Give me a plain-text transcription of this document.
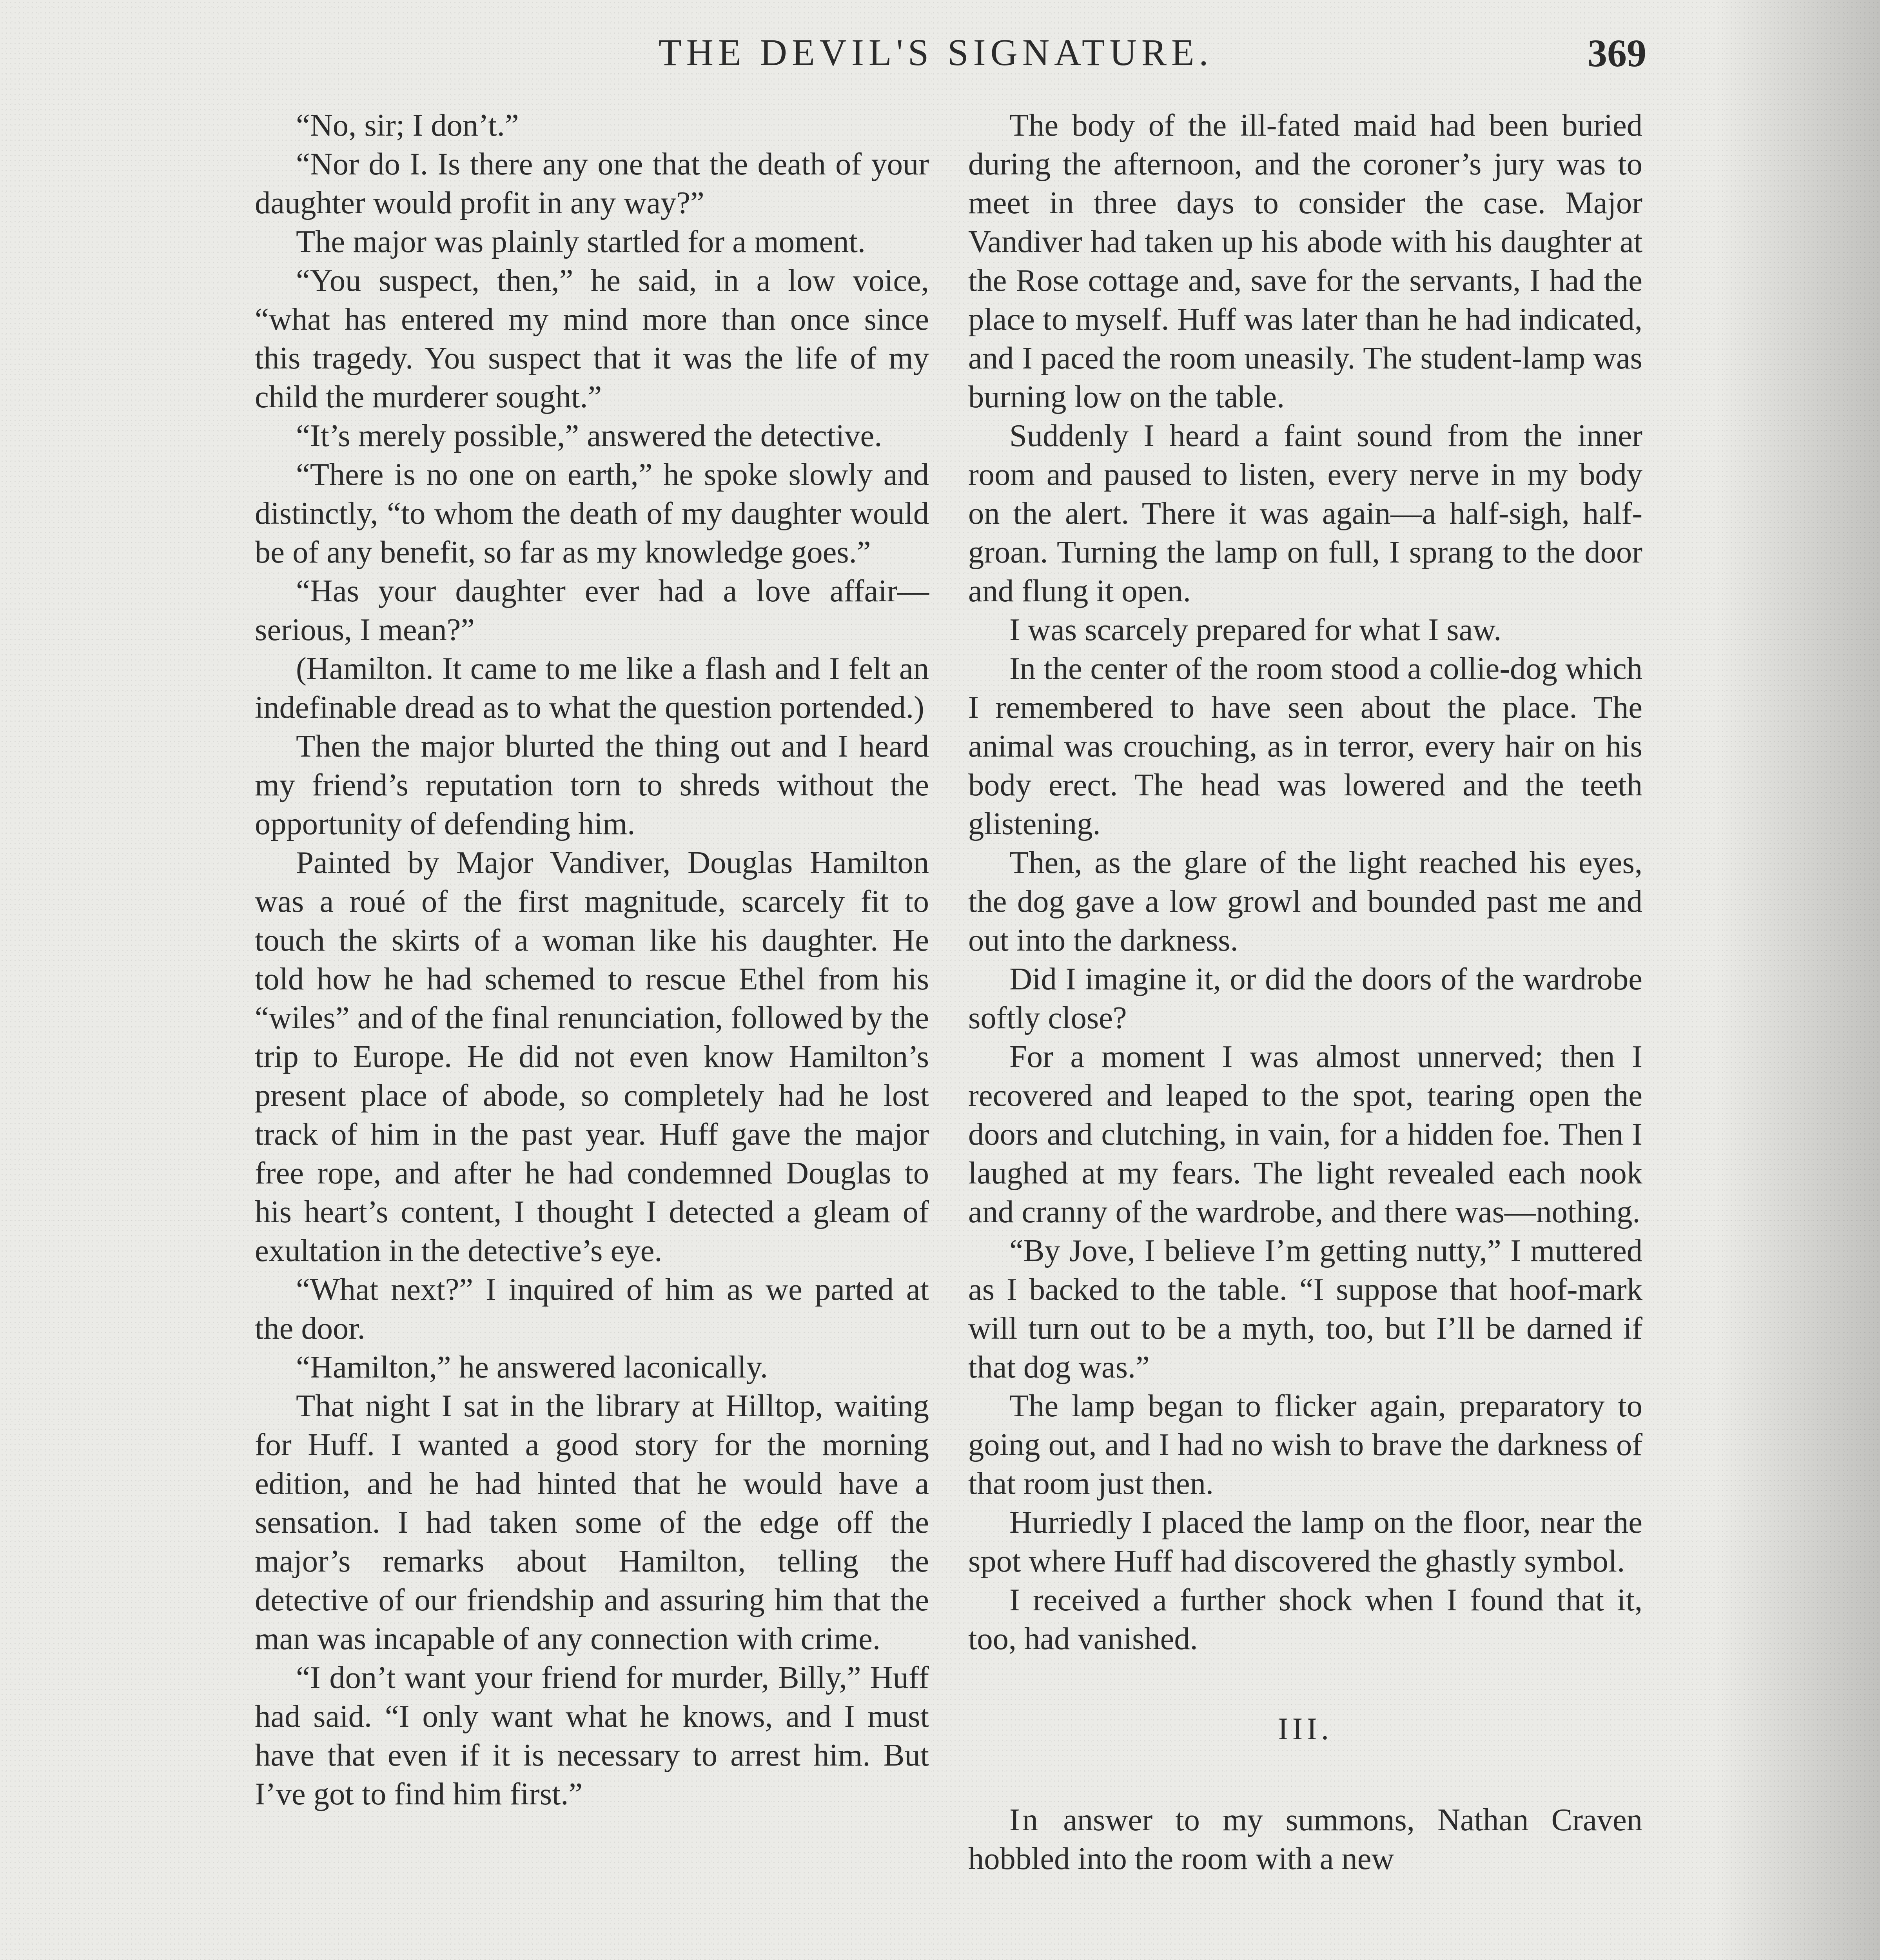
THE DEVIL'S SIGNATURE.	369

“No, sir; I don’t.”

“Nor do I. Is there any one that the death of your daughter would profit in any way?”

The major was plainly startled for a moment.

“You suspect, then,” he said, in a low voice, “what has entered my mind more than once since this tragedy. You suspect that it was the life of my child the murderer sought.”

“It’s merely possible,” answered the detective.

“There is no one on earth,” he spoke slowly and distinctly, “to whom the death of my daughter would be of any benefit, so far as my knowledge goes.”

“Has your daughter ever had a love affair—serious, I mean?”

(Hamilton. It came to me like a flash and I felt an indefinable dread as to what the question portended.)

Then the major blurted the thing out and I heard my friend’s reputation torn to shreds without the opportunity of defending him.

Painted by Major Vandiver, Douglas Hamilton was a roué of the first magnitude, scarcely fit to touch the skirts of a woman like his daughter. He told how he had schemed to rescue Ethel from his “wiles” and of the final renunciation, followed by the trip to Europe. He did not even know Hamilton’s present place of abode, so completely had he lost track of him in the past year. Huff gave the major free rope, and after he had condemned Douglas to his heart’s content, I thought I detected a gleam of exultation in the detective’s eye.

“What next?” I inquired of him as we parted at the door.

“Hamilton,” he answered laconically.

That night I sat in the library at Hilltop, waiting for Huff. I wanted a good story for the morning edition, and he had hinted that he would have a sensation. I had taken some of the edge off the major’s remarks about Hamilton, telling the detective of our friendship and assuring him that the man was incapable of any connection with crime.

“I don’t want your friend for murder, Billy,” Huff had said. “I only want what he knows, and I must have that even if it is necessary to arrest him. But I’ve got to find him first.”

The body of the ill-fated maid had been buried during the afternoon, and the coroner’s jury was to meet in three days to consider the case. Major Vandiver had taken up his abode with his daughter at the Rose cottage and, save for the servants, I had the place to myself. Huff was later than he had indicated, and I paced the room uneasily. The student-lamp was burning low on the table.

Suddenly I heard a faint sound from the inner room and paused to listen, every nerve in my body on the alert. There it was again—a half-sigh, half-groan. Turning the lamp on full, I sprang to the door and flung it open.

I was scarcely prepared for what I saw.

In the center of the room stood a collie-dog which I remembered to have seen about the place. The animal was crouching, as in terror, every hair on his body erect. The head was lowered and the teeth glistening.

Then, as the glare of the light reached his eyes, the dog gave a low growl and bounded past me and out into the darkness.

Did I imagine it, or did the doors of the wardrobe softly close?

For a moment I was almost unnerved; then I recovered and leaped to the spot, tearing open the doors and clutching, in vain, for a hidden foe. Then I laughed at my fears. The light revealed each nook and cranny of the wardrobe, and there was—nothing.

“By Jove, I believe I’m getting nutty,” I muttered as I backed to the table. “I suppose that hoof-mark will turn out to be a myth, too, but I’ll be darned if that dog was.”

The lamp began to flicker again, preparatory to going out, and I had no wish to brave the darkness of that room just then.

Hurriedly I placed the lamp on the floor, near the spot where Huff had discovered the ghastly symbol.

I received a further shock when I found that it, too, had vanished.

III.

In answer to my summons, Nathan Craven hobbled into the room with a new
